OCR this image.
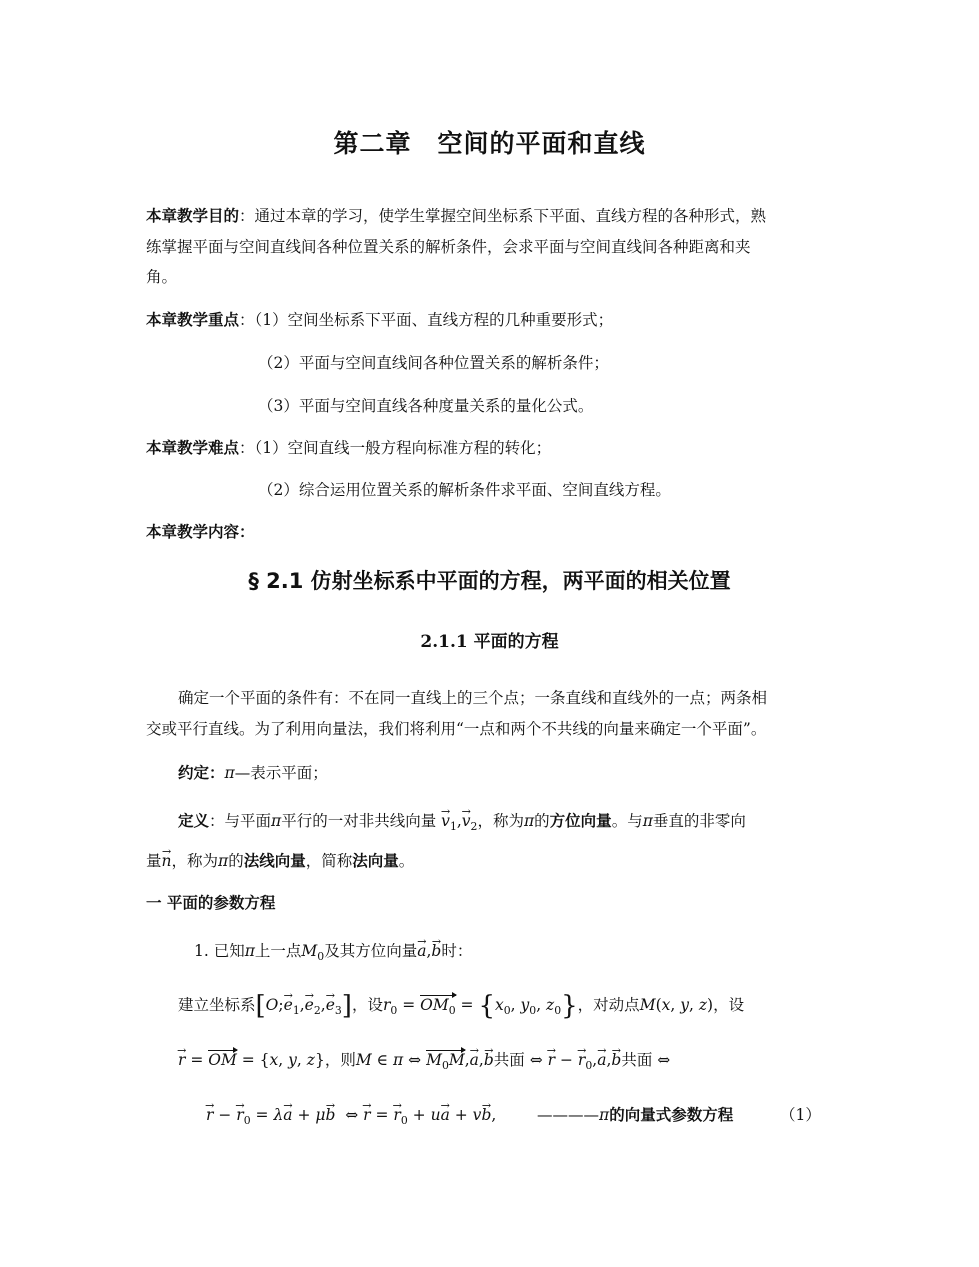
第二章　空间的平面和直线
本章教学目的：通过本章的学习，使学生掌握空间坐标系下平面、直线方程的各种形式，熟
练掌握平面与空间直线间各种位置关系的解析条件，会求平面与空间直线间各种距离和夹
角。
本章教学重点：（1）空间坐标系下平面、直线方程的几种重要形式；
（2）平面与空间直线间各种位置关系的解析条件；
（3）平面与空间直线各种度量关系的量化公式。
本章教学难点：（1）空间直线一般方程向标准方程的转化；
（2）综合运用位置关系的解析条件求平面、空间直线方程。
本章教学内容：
§ 2.1 仿射坐标系中平面的方程，两平面的相关位置
2.1.1 平面的方程
确定一个平面的条件有：不在同一直线上的三个点；一条直线和直线外的一点；两条相
交或平行直线。为了利用向量法，我们将利用“一点和两个不共线的向量来确定一个平面”。
约定：π—表示平面；
定义：与平面π平行的一对非共线向量 → $v_1,\to v_2$，称为π的方位向量。与π垂直的非零向
量→ n，称为π的法线向量，简称法向量。
一 平面的参数方程
1. 已知π上一点$M_0$及其方位向量→ a,→ b时：
建立坐标系[O;→ $e_1,\to e_2,\to e_3$]，设$r_0 = OM_0 = \{x_0$, $y_0$, $z_0$}，对动点M(x, y, z)，设
→ r = OM = {x, y, z}，则M ∈ π ⇔ $M_0M,\to a,\to b$共面 ⇔ → r − → $r_0,\to a,\to b$共面 ⇔
→ r − → $r_0 = \lambda\to a + \mu\to b$  ⇔ → r = → $r_0 + u\to a + v\to b$,	————π的向量式参数方程	（1）
